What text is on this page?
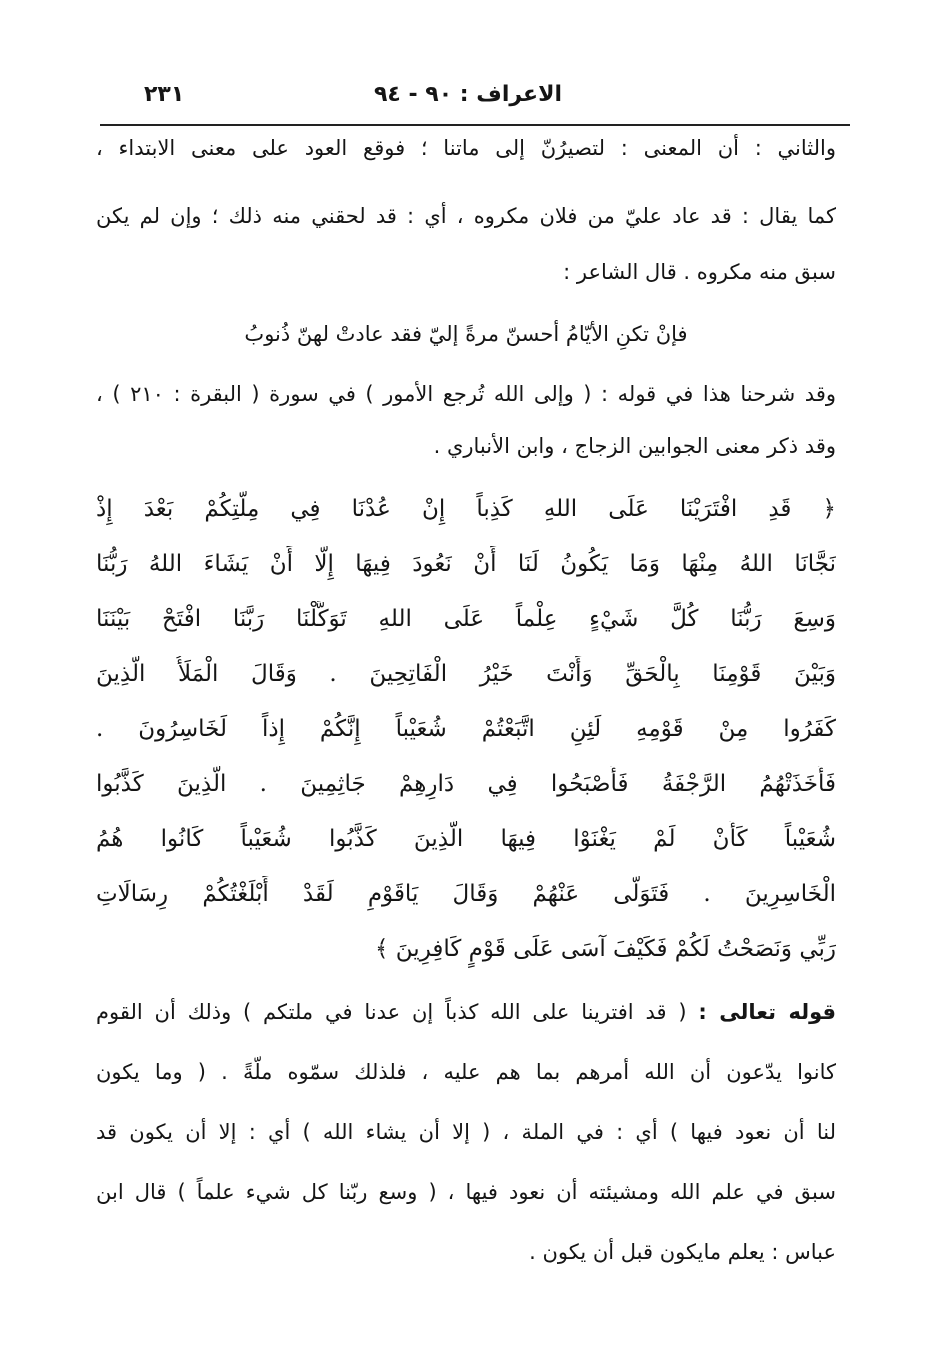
الاعراف : ٩٠ - ٩٤
٢٣١
والثاني : أن المعنى : لتصيرُنّ إلى ماتنا ؛ فوقع العود على معنى الابتداء ،
كما يقال : قد عاد عليّ من فلان مكروه ، أي : قد لحقني منه ذلك ؛ وإن لم يكن
سبق منه مكروه . قال الشاعر :
فإنْ تكنِ الأيّامُ أحسنّ مرةً إليّ فقد عادتْ لهنّ ذُنوبُ
وقد شرحنا هذا في قوله : ( وإلى الله تُرجع الأمور ) في سورة ( البقرة : ٢١٠ ) ،
وقد ذكر معنى الجوابين الزجاج ، وابن الأنباري .
﴿ قَدِ افْتَرَيْنَا عَلَى اللهِ كَذِباً إِنْ عُدْنَا فِي مِلَّتِكُمْ بَعْدَ إِذْ
نَجَّانَا اللهُ مِنْهَا وَمَا يَكُونُ لَنَا أَنْ نَعُودَ فِيهَا إِلَّا أَنْ يَشَاءَ اللهُ رَبُّنَا
وَسِعَ رَبُّنَا كُلَّ شَيْءٍ عِلْماً عَلَى اللهِ تَوَكَّلْنَا رَبَّنَا افْتَحْ بَيْنَنَا
وَبَيْنَ قَوْمِنَا بِالْحَقِّ وَأَنْتَ خَيْرُ الْفَاتِحِينَ . وَقَالَ الْمَلَأُ الَّذِينَ
كَفَرُوا مِنْ قَوْمِهِ لَئِنِ اتَّبَعْتُمْ شُعَيْباً إِنَّكُمْ إِذاً لَخَاسِرُونَ .
فَأَخَذَتْهُمُ الرَّجْفَةُ فَأَصْبَحُوا فِي دَارِهِمْ جَاثِمِينَ . الَّذِينَ كَذَّبُوا
شُعَيْباً كَأَنْ لَمْ يَغْنَوْا فِيهَا الَّذِينَ كَذَّبُوا شُعَيْباً كَانُوا هُمُ
الْخَاسِرِينَ . فَتَوَلَّى عَنْهُمْ وَقَالَ يَاقَوْمِ لَقَدْ أَبْلَغْتُكُمْ رِسَالَاتِ
رَبِّي وَنَصَحْتُ لَكُمْ فَكَيْفَ آسَى عَلَى قَوْمٍ كَافِرِينَ ﴾
قوله تعالى : ( قد افترينا على الله كذباً إن عدنا في ملتكم ) وذلك أن القوم
كانوا يدّعون أن الله أمرهم بما هم عليه ، فلذلك سمّوه ملّةً . ( وما يكون
لنا أن نعود فيها ) أي : في الملة ، ( إلا أن يشاء الله ) أي : إلا أن يكون قد
سبق في علم الله ومشيئته أن نعود فيها ، ( وسع ربّنا كل شيء علماً ) قال ابن
عباس : يعلم مايكون قبل أن يكون .
